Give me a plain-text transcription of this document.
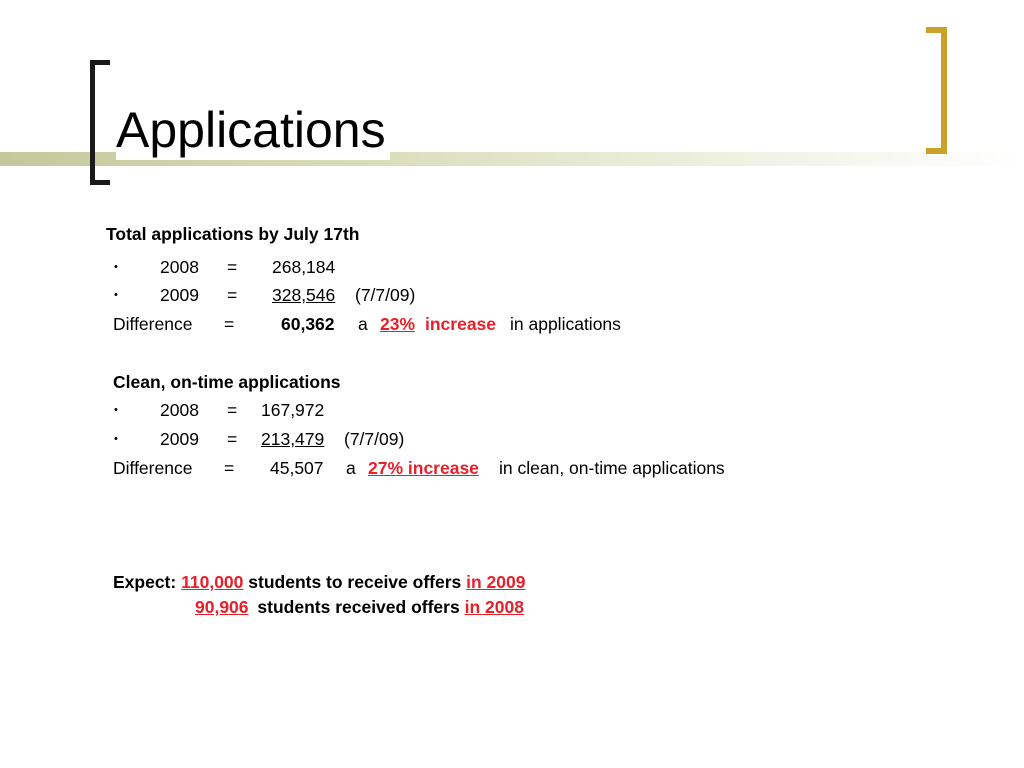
Applications
Total applications by July 17th
• 2008 = 268,184
• 2009 = 328,546 (7/7/09)
Difference =	60,362 a 23% increase in applications
Clean, on-time applications
• 2008 = 167,972
• 2009 = 213,479 (7/7/09)
Difference = 45,507 a 27% increase in clean, on-time applications
Expect: 110,000 students to receive offers in 2009
90,906 students received offers in 2008
